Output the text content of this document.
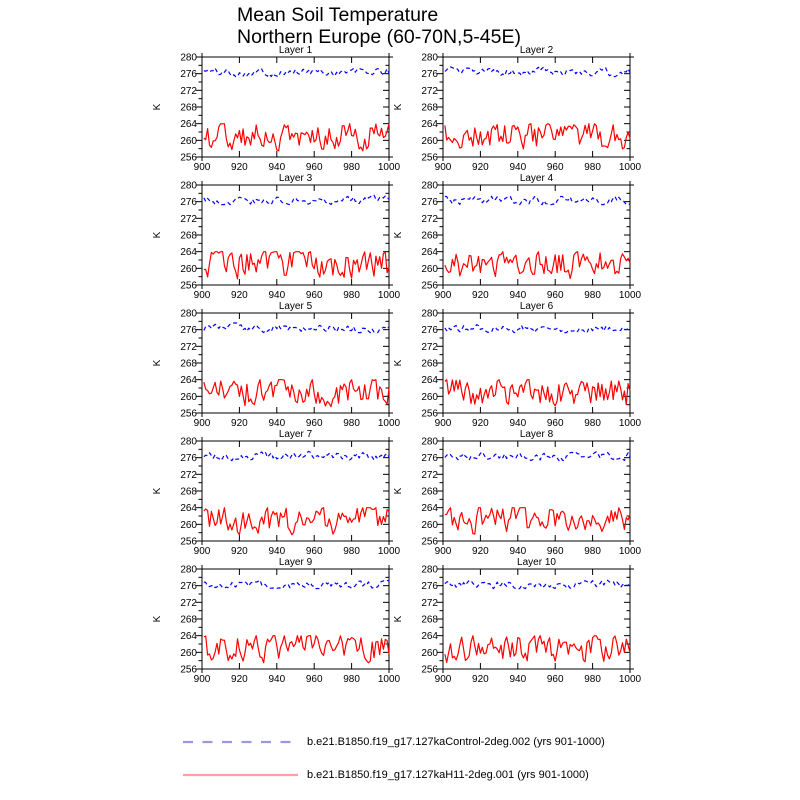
Mean Soil Temperature
Northern Europe (60-70N,5-45E)
900 920 940 960 980 1000
256
260
264
268
272
276
280
Layer 1
K
900 920 940 960 980 1000
256
260
264
268
272
276
280
Layer 2
K
900 920 940 960 980 1000
256
260
264
268
272
276
280
Layer 3
K
900 920 940 960 980 1000
256
260
264
268
272
276
280
Layer 4
K
900 920 940 960 980 1000
256
260
264
268
272
276
280
Layer 5
K
900 920 940 960 980 1000
256
260
264
268
272
276
280
Layer 6
K
900 920 940 960 980 1000
256
260
264
268
272
276
280
Layer 7
K
900 920 940 960 980 1000
256
260
264
268
272
276
280
Layer 8
K
900 920 940 960 980 1000
256
260
264
268
272
276
280
Layer 9
K
900 920 940 960 980 1000
256
260
264
268
272
276
280
Layer 10
K
b.e21.B1850.f19_g17.127kaControl-2deg.002 (yrs 901-1000)
b.e21.B1850.f19_g17.127kaH11-2deg.001 (yrs 901-1000)
